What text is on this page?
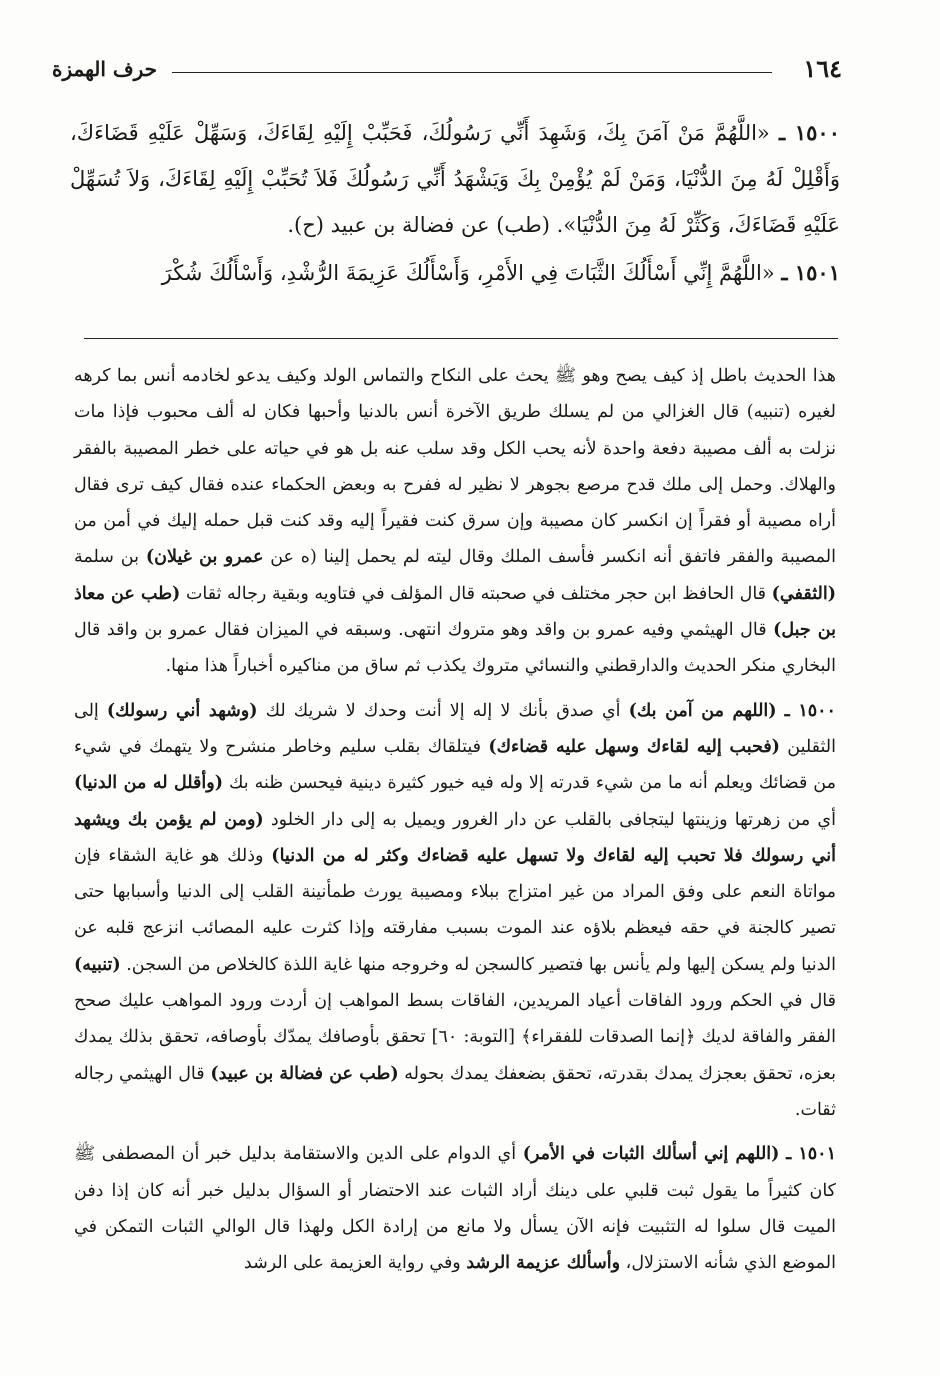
١٦٤
حرف الهمزة

١٥٠٠ ـ «اللَّهُمَّ مَنْ آمَنَ بِكَ، وَشَهِدَ أَنِّي رَسُولُكَ، فَحَبِّبْ إِلَيْهِ لِقَاءَكَ، وَسَهِّلْ عَلَيْهِ قَضَاءَكَ، وَأَقْلِلْ لَهُ مِنَ الدُّنْيَا، وَمَنْ لَمْ يُؤْمِنْ بِكَ وَيَشْهَدُ أَنِّي رَسُولُكَ فَلاَ تُحَبِّبْ إِلَيْهِ لِقَاءَكَ، وَلاَ تُسَهِّلْ عَلَيْهِ قَضَاءَكَ، وَكَثِّرْ لَهُ مِنَ الدُّنْيَا». (طب) عن فضالة بن عبيد (ح).

١٥٠١ ـ «اللَّهُمَّ إِنِّي أَسْأَلُكَ الثَّبَاتَ فِي الأَمْرِ، وَأَسْأَلُكَ عَزِيمَةَ الرُّشْدِ، وَأَسْأَلُكَ شُكْرَ

هذا الحديث باطل إذ كيف يصح وهو ﷺ يحث على النكاح والتماس الولد وكيف يدعو لخادمه أنس بما كرهه لغيره (تنبيه) قال الغزالي من لم يسلك طريق الآخرة أنس بالدنيا وأحبها فكان له ألف محبوب فإذا مات نزلت به ألف مصيبة دفعة واحدة لأنه يحب الكل وقد سلب عنه بل هو في حياته على خطر المصيبة بالفقر والهلاك. وحمل إلى ملك قدح مرصع بجوهر لا نظير له ففرح به وبعض الحكماء عنده فقال كيف ترى فقال أراه مصيبة أو فقراً إن انكسر كان مصيبة وإن سرق كنت فقيراً إليه وقد كنت قبل حمله إليك في أمن من المصيبة والفقر فاتفق أنه انكسر فأسف الملك وقال ليته لم يحمل إلينا (ه عن عمرو بن غيلان) بن سلمة (الثقفي) قال الحافظ ابن حجر مختلف في صحبته قال المؤلف في فتاويه وبقية رجاله ثقات (طب عن معاذ بن جبل) قال الهيثمي وفيه عمرو بن واقد وهو متروك انتهى. وسبقه في الميزان فقال عمرو بن واقد قال البخاري منكر الحديث والدارقطني والنسائي متروك يكذب ثم ساق من مناكيره أخباراً هذا منها.

١٥٠٠ ـ (اللهم من آمن بك) أي صدق بأنك لا إله إلا أنت وحدك لا شريك لك (وشهد أني رسولك) إلى الثقلين (فحبب إليه لقاءك وسهل عليه قضاءك) فيتلقاك بقلب سليم وخاطر منشرح ولا يتهمك في شيء من قضائك ويعلم أنه ما من شيء قدرته إلا وله فيه خيور كثيرة دينية فيحسن ظنه بك (وأقلل له من الدنيا) أي من زهرتها وزينتها ليتجافى بالقلب عن دار الغرور ويميل به إلى دار الخلود (ومن لم يؤمن بك ويشهد أني رسولك فلا تحبب إليه لقاءك ولا تسهل عليه قضاءك وكثر له من الدنيا) وذلك هو غاية الشقاء فإن مواتاة النعم على وفق المراد من غير امتزاج ببلاء ومصيبة يورث طمأنينة القلب إلى الدنيا وأسبابها حتى تصير كالجنة في حقه فيعظم بلاؤه عند الموت بسبب مفارقته وإذا كثرت عليه المصائب انزعج قلبه عن الدنيا ولم يسكن إليها ولم يأنس بها فتصير كالسجن له وخروجه منها غاية اللذة كالخلاص من السجن. (تنبيه) قال في الحكم ورود الفاقات أعياد المريدين، الفاقات بسط المواهب إن أردت ورود المواهب عليك صحح الفقر والفاقة لديك ﴿إنما الصدقات للفقراء﴾ [التوبة: ٦٠] تحقق بأوصافك يمدّك بأوصافه، تحقق بذلك يمدك بعزه، تحقق بعجزك يمدك بقدرته، تحقق بضعفك يمدك بحوله (طب عن فضالة بن عبيد) قال الهيثمي رجاله ثقات.

١٥٠١ ـ (اللهم إني أسألك الثبات في الأمر) أي الدوام على الدين والاستقامة بدليل خبر أن المصطفى ﷺ كان كثيراً ما يقول ثبت قلبي على دينك أراد الثبات عند الاحتضار أو السؤال بدليل خبر أنه كان إذا دفن الميت قال سلوا له التثبيت فإنه الآن يسأل ولا مانع من إرادة الكل ولهذا قال الوالي الثبات التمكن في الموضع الذي شأنه الاستزلال، وأسألك عزيمة الرشد وفي رواية العزيمة على الرشد
